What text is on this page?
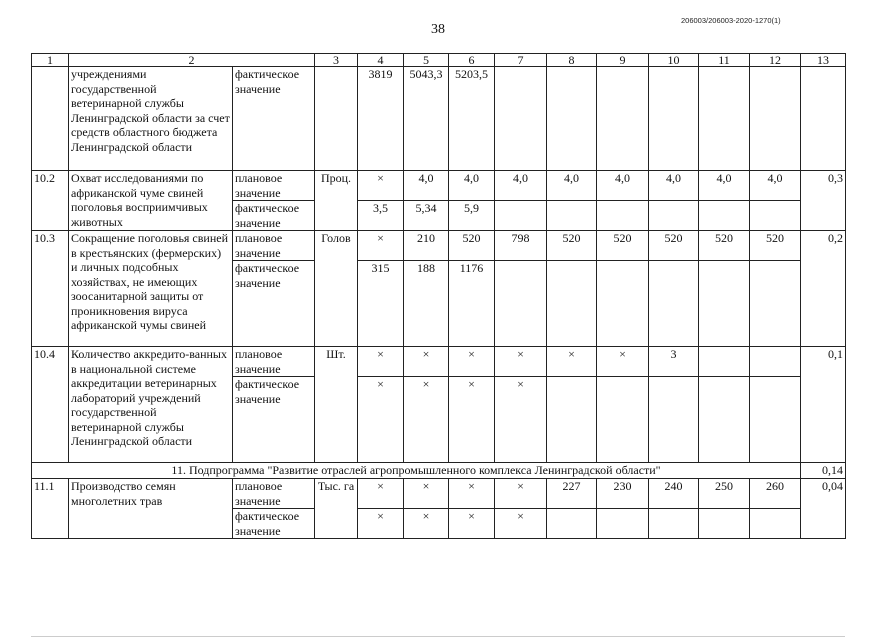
38
206003/206003-2020-1270(1)
1	2		3	4	5	6	7	8	9	10	11	12	13
	учреждениями государственной ветеринарной службы Ленинградской области за счет средств областного бюджета Ленинградской области	фактическое значение		3819	5043,3	5203,5							
10.2	Охват исследованиями по африканской чуме свиней поголовья восприимчивых животных	плановое значение	Проц.	×	4,0	4,0	4,0	4,0	4,0	4,0	4,0	4,0	0,3
		фактическое значение		3,5	5,34	5,9							
10.3	Сокращение поголовья свиней в крестьянских (фермерских) и личных подсобных хозяйствах, не имеющих зоосанитарной защиты от проникновения вируса африканской чумы свиней	плановое значение	Голов	×	210	520	798	520	520	520	520	520	0,2
		фактическое значение		315	188	1176							
10.4	Количество аккредито-ванных в национальной системе аккредитации ветеринарных лабораторий учреждений государственной ветеринарной службы Ленинградской области	плановое значение	Шт.	×	×	×	×	×	×	3			0,1
		фактическое значение		×	×	×	×						
11. Подпрограмма "Развитие отраслей агропромышленного комплекса Ленинградской области"													0,14
11.1	Производство семян многолетних трав	плановое значение	Тыс. га	×	×	×	×	227	230	240	250	260	0,04
		фактическое значение		×	×	×	×						
